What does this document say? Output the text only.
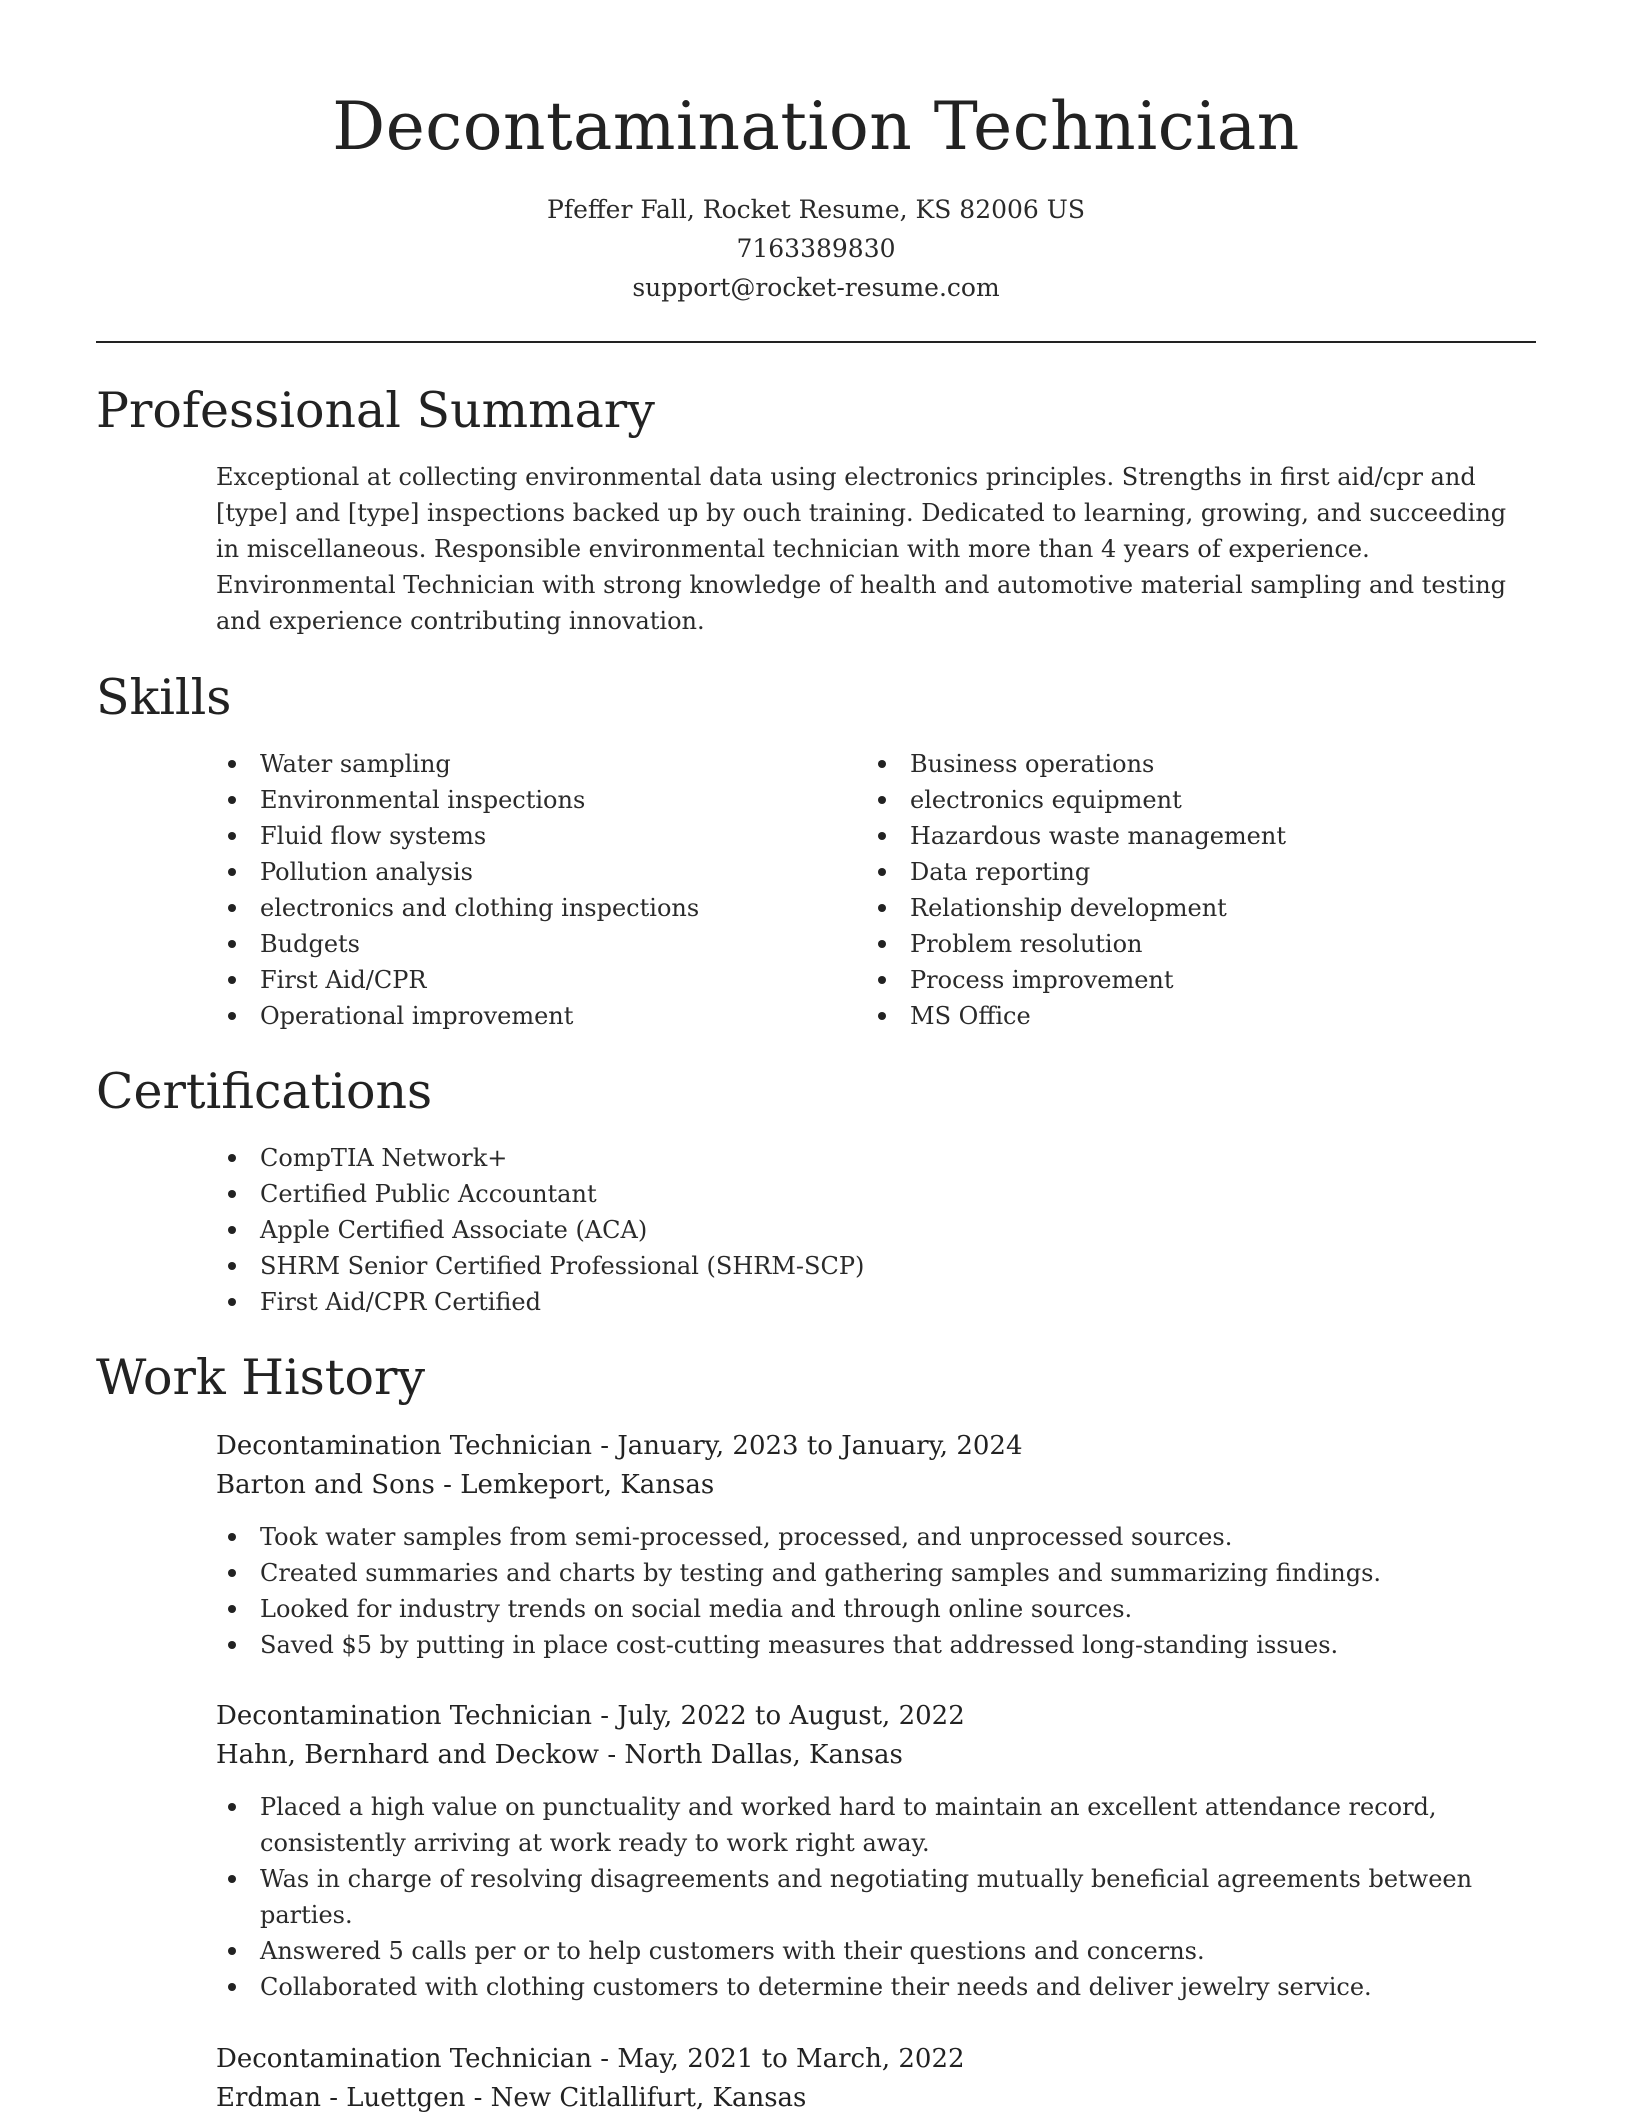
Decontamination Technician
Pfeffer Fall, Rocket Resume, KS 82006 US
7163389830
support@rocket-resume.com
Professional Summary
Exceptional at collecting environmental data using electronics principles. Strengths in first aid/cpr and [type] and [type] inspections backed up by ouch training. Dedicated to learning, growing, and succeeding in miscellaneous. Responsible environmental technician with more than 4 years of experience. Environmental Technician with strong knowledge of health and automotive material sampling and testing and experience contributing innovation.
Skills
Water sampling
Environmental inspections
Fluid flow systems
Pollution analysis
electronics and clothing inspections
Budgets
First Aid/CPR
Operational improvement
Business operations
electronics equipment
Hazardous waste management
Data reporting
Relationship development
Problem resolution
Process improvement
MS Office
Certifications
CompTIA Network+
Certified Public Accountant
Apple Certified Associate (ACA)
SHRM Senior Certified Professional (SHRM-SCP)
First Aid/CPR Certified
Work History
Decontamination Technician - January, 2023 to January, 2024
Barton and Sons - Lemkeport, Kansas
Took water samples from semi-processed, processed, and unprocessed sources.
Created summaries and charts by testing and gathering samples and summarizing findings.
Looked for industry trends on social media and through online sources.
Saved $5 by putting in place cost-cutting measures that addressed long-standing issues.
Decontamination Technician - July, 2022 to August, 2022
Hahn, Bernhard and Deckow - North Dallas, Kansas
Placed a high value on punctuality and worked hard to maintain an excellent attendance record, consistently arriving at work ready to work right away.
Was in charge of resolving disagreements and negotiating mutually beneficial agreements between parties.
Answered 5 calls per or to help customers with their questions and concerns.
Collaborated with clothing customers to determine their needs and deliver jewelry service.
Decontamination Technician - May, 2021 to March, 2022
Erdman - Luettgen - New Citlallifurt, Kansas
